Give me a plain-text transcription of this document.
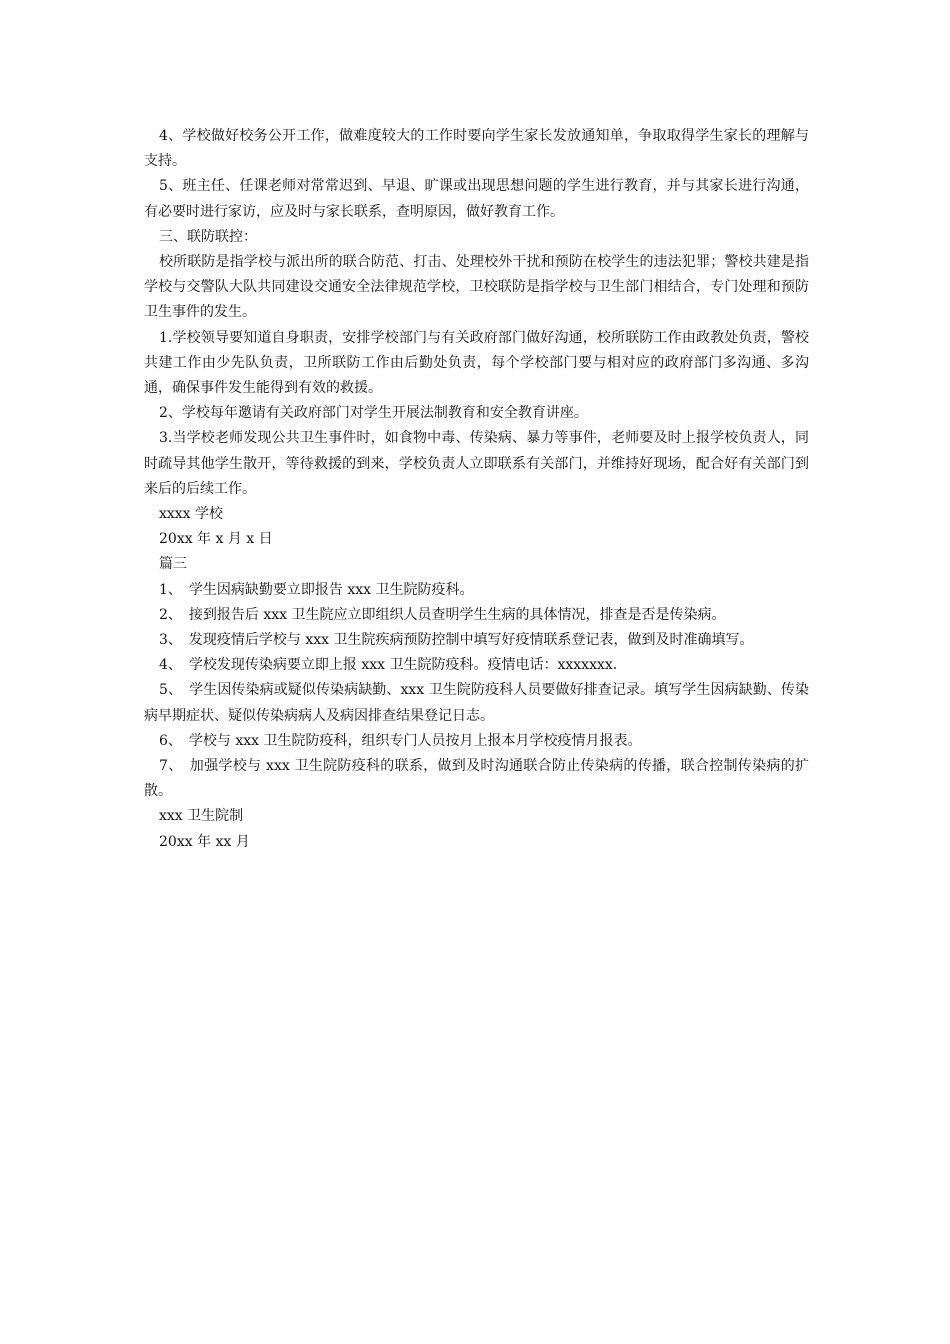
4、学校做好校务公开工作，做难度较大的工作时要向学生家长发放通知单，争取取得学生家长的理解与支持。

5、班主任、任课老师对常常迟到、早退、旷课或出现思想问题的学生进行教育，并与其家长进行沟通，有必要时进行家访，应及时与家长联系，查明原因，做好教育工作。

三、联防联控：

校所联防是指学校与派出所的联合防范、打击、处理校外干扰和预防在校学生的违法犯罪；警校共建是指学校与交警队大队共同建设交通安全法律规范学校，卫校联防是指学校与卫生部门相结合，专门处理和预防卫生事件的发生。

1.学校领导要知道自身职责，安排学校部门与有关政府部门做好沟通，校所联防工作由政教处负责，警校共建工作由少先队负责，卫所联防工作由后勤处负责，每个学校部门要与相对应的政府部门多沟通、多沟通，确保事件发生能得到有效的救援。

2、学校每年邀请有关政府部门对学生开展法制教育和安全教育讲座。

3.当学校老师发现公共卫生事件时，如食物中毒、传染病、暴力等事件，老师要及时上报学校负责人，同时疏导其他学生散开，等待救援的到来，学校负责人立即联系有关部门，并维持好现场，配合好有关部门到来后的后续工作。

xxxx 学校

20xx 年 x 月 x 日

篇三

1、　学生因病缺勤要立即报告 xxx 卫生院防疫科。

2、　接到报告后 xxx 卫生院应立即组织人员查明学生生病的具体情况，排查是否是传染病。

3、　发现疫情后学校与 xxx 卫生院疾病预防控制中填写好疫情联系登记表，做到及时准确填写。

4、　学校发现传染病要立即上报 xxx 卫生院防疫科。疫情电话：xxxxxxx.

5、　学生因传染病或疑似传染病缺勤、xxx 卫生院防疫科人员要做好排查记录。填写学生因病缺勤、传染病早期症状、疑似传染病病人及病因排查结果登记日志。

6、　学校与 xxx 卫生院防疫科，组织专门人员按月上报本月学校疫情月报表。

7、　加强学校与 xxx 卫生院防疫科的联系，做到及时沟通联合防止传染病的传播，联合控制传染病的扩散。

xxx 卫生院制

20xx 年 xx 月
